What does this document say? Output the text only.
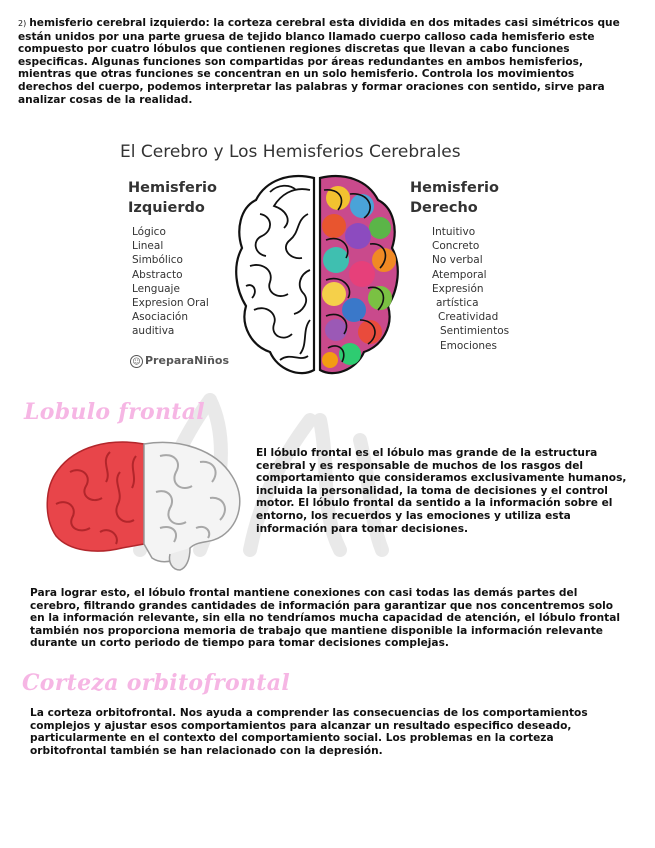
2) hemisferio cerebral izquierdo: la corteza cerebral esta dividida en dos mitades casi simétricos que están unidos por una parte gruesa de tejido blanco llamado cuerpo calloso cada hemisferio este compuesto por cuatro lóbulos que contienen regiones discretas que llevan a cabo funciones especificas. Algunas funciones son compartidas por áreas redundantes en ambos hemisferios, mientras que otras funciones se concentran en un solo hemisferio. Controla los movimientos derechos del cuerpo, podemos interpretar las palabras y formar oraciones con sentido, sirve para analizar cosas de la realidad.
El Cerebro y Los Hemisferios Cerebrales
Hemisferio
Izquierdo
Lógico
Lineal
Simbólico
Abstracto
Lenguaje
Expresion Oral
Asociación
auditiva
Hemisferio
Derecho
Intuitivo
Concreto
No verbal
Atemporal
Expresión
artística
Creatividad
Sentimientos
Emociones
☺ PreparaNiños
Lobulo frontal
El lóbulo frontal es el lóbulo mas grande de la estructura cerebral y es responsable de muchos de los rasgos del comportamiento que consideramos exclusivamente humanos, incluida la personalidad, la toma de decisiones y el control motor. El lóbulo frontal da sentido a la información sobre el entorno, los recuerdos y las emociones y utiliza esta información para tomar decisiones.
Para lograr esto, el lóbulo frontal mantiene conexiones con casi todas las demás partes del cerebro, filtrando grandes cantidades de información para garantizar que nos concentremos solo en la información relevante, sin ella no tendríamos mucha capacidad de atención, el lóbulo frontal también nos proporciona memoria de trabajo que mantiene disponible la información relevante durante un corto periodo de tiempo para tomar decisiones complejas.
Corteza orbitofrontal
La corteza orbitofrontal. Nos ayuda a comprender las consecuencias de los comportamientos complejos y ajustar esos comportamientos para alcanzar un resultado especifico deseado, particularmente en el contexto del comportamiento social. Los problemas en la corteza orbitofrontal también se han relacionado con la depresión.
